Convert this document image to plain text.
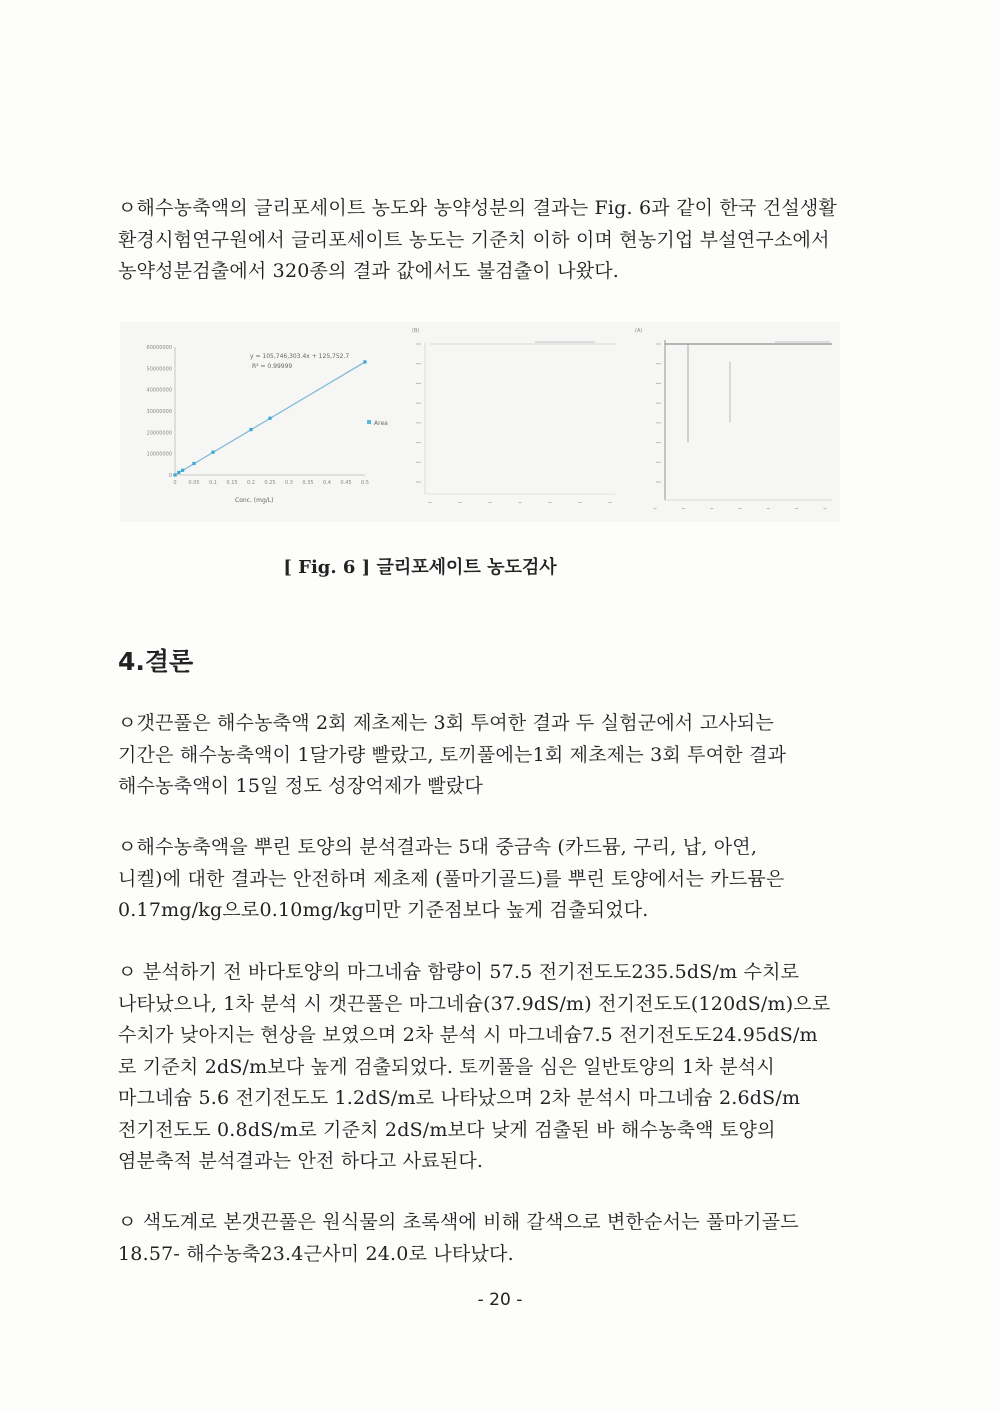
ㅇ해수농축액의 글리포세이트 농도와 농약성분의 결과는 Fig. 6과 같이 한국 건설생활
환경시험연구원에서 글리포세이트 농도는 기준치 이하 이며 현농기업 부설연구소에서
농약성분검출에서 320종의 결과 값에서도 불검출이 나왔다.

0
10000000
20000000
30000000
40000000
50000000
60000000
0 0.05 0.1 0.15 0.2 0.25 0.3 0.35 0.4 0.45 0.5
y = 105,746,303.4x + 125,752.7
R² = 0.99999
Area
Conc. (mg/L)
(B)	(A)

[ Fig. 6 ] 글리포세이트 농도검사

4.결론

ㅇ갯끈풀은 해수농축액 2회 제초제는 3회 투여한 결과 두 실험군에서 고사되는
기간은 해수농축액이 1달가량 빨랐고, 토끼풀에는1회 제초제는 3회 투여한 결과
해수농축액이 15일 정도 성장억제가 빨랐다

ㅇ해수농축액을 뿌린 토양의 분석결과는 5대 중금속 (카드뮴, 구리, 납, 아연,
니켈)에 대한 결과는 안전하며 제초제 (풀마기골드)를 뿌린 토양에서는 카드뮴은
0.17mg/kg으로0.10mg/kg미만 기준점보다 높게 검출되었다.

ㅇ 분석하기 전 바다토양의 마그네슘 함량이 57.5 전기전도도235.5dS/m 수치로
나타났으나, 1차 분석 시 갯끈풀은 마그네슘(37.9dS/m) 전기전도도(120dS/m)으로
수치가 낮아지는 현상을 보였으며 2차 분석 시 마그네슘7.5 전기전도도24.95dS/m
로 기준치 2dS/m보다 높게 검출되었다. 토끼풀을 심은 일반토양의 1차 분석시
마그네슘 5.6 전기전도도 1.2dS/m로 나타났으며 2차 분석시 마그네슘 2.6dS/m
전기전도도 0.8dS/m로 기준치 2dS/m보다 낮게 검출된 바 해수농축액 토양의
염분축적 분석결과는 안전 하다고 사료된다.

ㅇ 색도계로 본갯끈풀은 원식물의 초록색에 비해 갈색으로 변한순서는 풀마기골드
18.57- 해수농축23.4근사미 24.0로 나타났다.

- 20 -
